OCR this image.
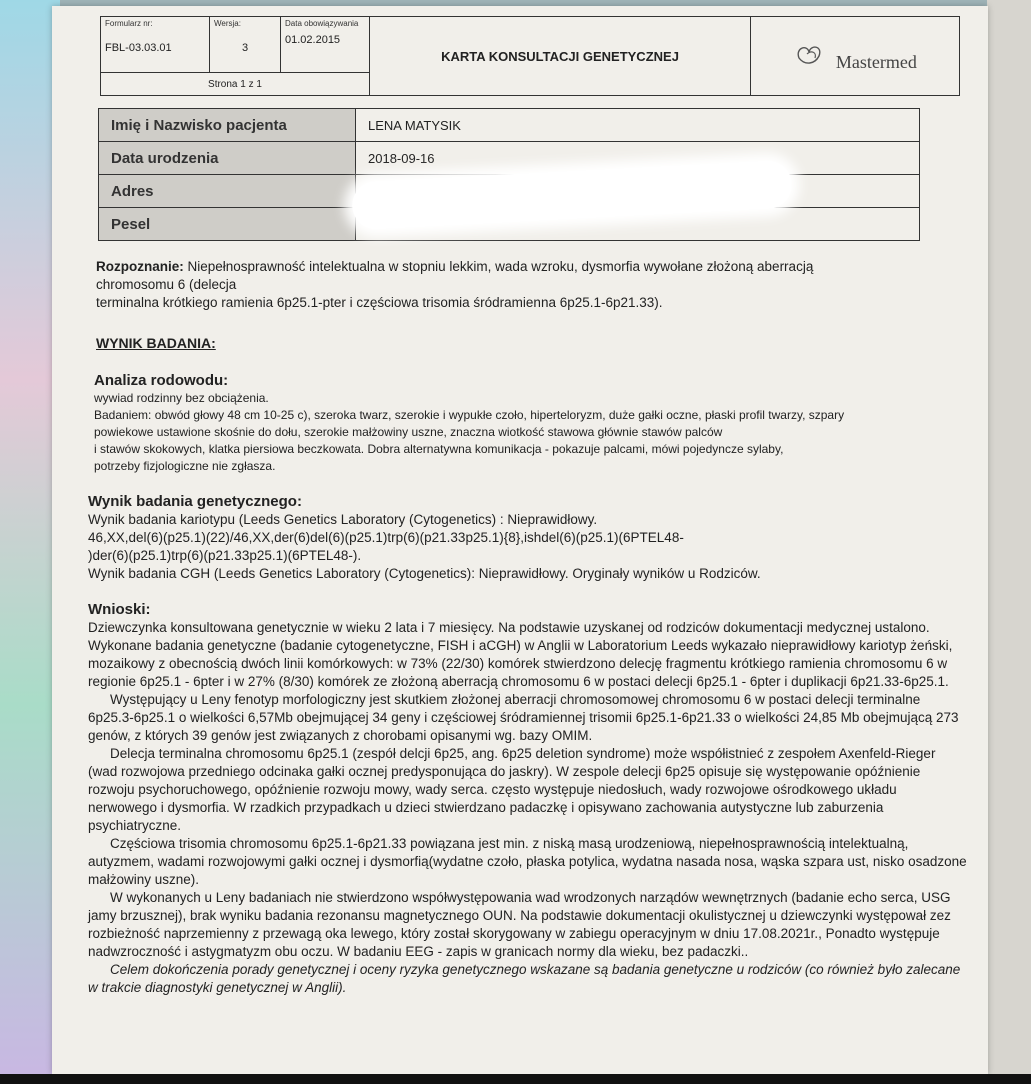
Formularz nr:
FBL-03.03.01

Wersja:
3

Data obowiązywania
01.02.2015
	KARTA KONSULTACJI GENETYCZNEJ	Mastermed
Strona 1 z 1
Imię i Nazwisko pacjenta	LENA MATYSIK
Data urodzenia	2018-09-16
Adres	
Pesel	

Rozpoznanie: Niepełnosprawność intelektualna w stopniu lekkim, wada wzroku, dysmorfia wywołane złożoną aberracją
chromosomu 6 (delecja
terminalna krótkiego ramienia 6p25.1-pter i częściowa trisomia śródramienna 6p25.1-6p21.33).

WYNIK BADANIA:

Analiza rodowodu:

wywiad rodzinny bez obciążenia.

Badaniem: obwód głowy 48 cm 10-25 c), szeroka twarz, szerokie i wypukłe czoło, hiperteloryzm, duże gałki oczne, płaski profil twarzy, szpary

powiekowe ustawione skośnie do dołu, szerokie małżowiny uszne, znaczna wiotkość stawowa głównie stawów palców

i stawów skokowych, klatka piersiowa beczkowata. Dobra alternatywna komunikacja - pokazuje palcami, mówi pojedyncze sylaby,

potrzeby fizjologiczne nie zgłasza.

Wynik badania genetycznego:

Wynik badania kariotypu (Leeds Genetics Laboratory (Cytogenetics) : Nieprawidłowy.

46,XX,del(6)(p25.1)(22)/46,XX,der(6)del(6)(p25.1)trp(6)(p21.33p25.1){8},ishdel(6)(p25.1)(6PTEL48-

)der(6)(p25.1)trp(6)(p21.33p25.1)(6PTEL48-).

Wynik badania CGH (Leeds Genetics Laboratory (Cytogenetics): Nieprawidłowy. Oryginały wyników u Rodziców.

Wnioski:

Dziewczynka konsultowana genetycznie w wieku 2 lata i 7 miesięcy. Na podstawie uzyskanej od rodziców dokumentacji medycznej ustalono. Wykonane badania genetyczne (badanie cytogenetyczne, FISH i aCGH) w Anglii w Laboratorium Leeds wykazało nieprawidłowy kariotyp żeński, mozaikowy z obecnością dwóch linii komórkowych: w 73% (22/30) komórek stwierdzono delecję fragmentu krótkiego ramienia chromosomu 6 w regionie 6p25.1 - 6pter i w 27% (8/30) komórek ze złożoną aberracją chromosomu 6 w postaci delecji 6p25.1 - 6pter i duplikacji 6p21.33-6p25.1.

Występujący u Leny fenotyp morfologiczny jest skutkiem złożonej aberracji chromosomowej chromosomu 6 w postaci delecji terminalne 6p25.3-6p25.1 o wielkości 6,57Mb obejmującej 34 geny i częściowej śródramiennej trisomii 6p25.1-6p21.33 o wielkości 24,85 Mb obejmującą 273 genów, z których 39 genów jest związanych z chorobami opisanymi wg. bazy OMIM.

Delecja terminalna chromosomu 6p25.1 (zespół delcji 6p25, ang. 6p25 deletion syndrome) może współistnieć z zespołem Axenfeld-Rieger (wad rozwojowa przedniego odcinaka gałki ocznej predysponująca do jaskry). W zespole delecji 6p25 opisuje się występowanie opóźnienie rozwoju psychoruchowego, opóźnienie rozwoju mowy, wady serca. często występuje niedosłuch, wady rozwojowe ośrodkowego układu nerwowego i dysmorfia. W rzadkich przypadkach u dzieci stwierdzano padaczkę i opisywano zachowania autystyczne lub zaburzenia psychiatryczne.

Częściowa trisomia chromosomu 6p25.1-6p21.33 powiązana jest min. z niską masą urodzeniową, niepełnosprawnością intelektualną, autyzmem, wadami rozwojowymi gałki ocznej i dysmorfią(wydatne czoło, płaska potylica, wydatna nasada nosa, wąska szpara ust, nisko osadzone małżowiny uszne).

W wykonanych u Leny badaniach nie stwierdzono współwystępowania wad wrodzonych narządów wewnętrznych (badanie echo serca, USG jamy brzusznej), brak wyniku badania rezonansu magnetycznego OUN. Na podstawie dokumentacji okulistycznej u dziewczynki występował zez rozbieżność naprzemienny z przewagą oka lewego, który został skorygowany w zabiegu operacyjnym w dniu 17.08.2021r., Ponadto występuje nadwzroczność i astygmatyzm obu oczu. W badaniu EEG - zapis w granicach normy dla wieku, bez padaczki..

Celem dokończenia porady genetycznej i oceny ryzyka genetycznego wskazane są badania genetyczne u rodziców (co również było zalecane w trakcie diagnostyki genetycznej w Anglii).
